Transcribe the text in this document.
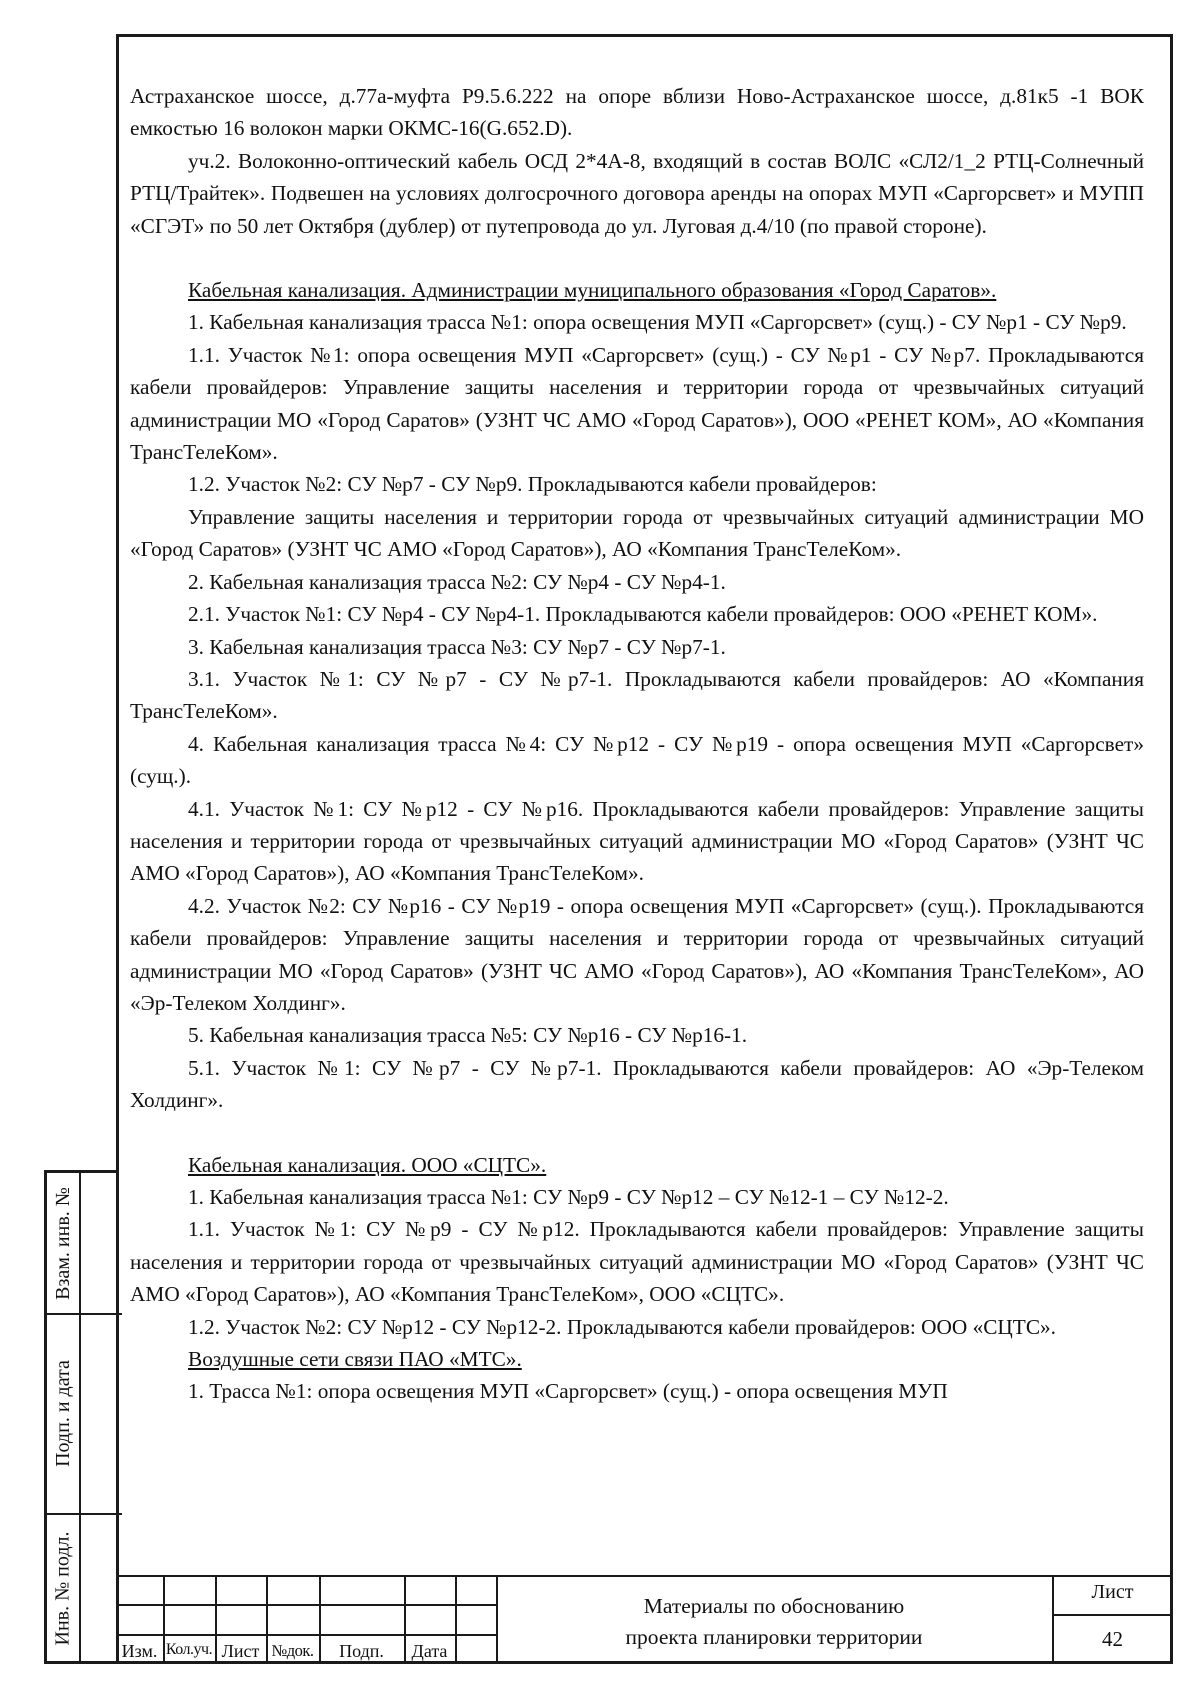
Астраханское шоссе, д.77а-муфта Р9.5.6.222 на опоре вблизи Ново-Астраханское шоссе, д.81к5 -1 ВОК емкостью 16 волокон марки ОКМС-16(G.652.D).

уч.2. Волоконно-оптический кабель ОСД 2*4А-8, входящий в состав ВОЛС «СЛ2/1_2 РТЦ-Солнечный РТЦ/Трайтек». Подвешен на условиях долгосрочного договора аренды на опорах МУП «Саргорсвет» и МУПП «СГЭТ» по 50 лет Октября (дублер) от путепровода до ул. Луговая д.4/10 (по правой стороне).

Кабельная канализация. Администрации муниципального образования «Город Саратов».

1. Кабельная канализация трасса №1: опора освещения МУП «Саргорсвет» (сущ.) - СУ №р1 - СУ №р9.

1.1. Участок №1: опора освещения МУП «Саргорсвет» (сущ.) - СУ №р1 - СУ №р7. Прокладываются кабели провайдеров: Управление защиты населения и территории города от чрезвычайных ситуаций администрации МО «Город Саратов» (УЗНТ ЧС АМО «Город Саратов»), ООО «РЕНЕТ КОМ», АО «Компания ТрансТелеКом».

1.2. Участок №2: СУ №р7 - СУ №р9. Прокладываются кабели провайдеров:

Управление защиты населения и территории города от чрезвычайных ситуаций администрации МО «Город Саратов» (УЗНТ ЧС АМО «Город Саратов»), АО «Компания ТрансТелеКом».

2. Кабельная канализация трасса №2: СУ №р4 - СУ №р4-1.

2.1. Участок №1: СУ №р4 - СУ №р4-1. Прокладываются кабели провайдеров: ООО «РЕНЕТ КОМ».

3. Кабельная канализация трасса №3: СУ №р7 - СУ №р7-1.

3.1. Участок №1: СУ №р7 - СУ №р7-1. Прокладываются кабели провайдеров: АО «Компания ТрансТелеКом».

4. Кабельная канализация трасса №4: СУ №р12 - СУ №р19 - опора освещения МУП «Саргорсвет» (сущ.).

4.1. Участок №1: СУ №р12 - СУ №р16. Прокладываются кабели провайдеров: Управление защиты населения и территории города от чрезвычайных ситуаций администрации МО «Город Саратов» (УЗНТ ЧС АМО «Город Саратов»), АО «Компания ТрансТелеКом».

4.2. Участок №2: СУ №р16 - СУ №р19 - опора освещения МУП «Саргорсвет» (сущ.). Прокладываются кабели провайдеров: Управление защиты населения и территории города от чрезвычайных ситуаций администрации МО «Город Саратов» (УЗНТ ЧС АМО «Город Саратов»), АО «Компания ТрансТелеКом», АО «Эр-Телеком Холдинг».

5. Кабельная канализация трасса №5: СУ №р16 - СУ №р16-1.

5.1. Участок №1: СУ №р7 - СУ №р7-1. Прокладываются кабели провайдеров: АО «Эр-Телеком Холдинг».

Кабельная канализация. ООО «СЦТС».

1. Кабельная канализация трасса №1: СУ №р9 - СУ №р12 – СУ №12-1 – СУ №12-2.

1.1. Участок №1: СУ №р9 - СУ №р12. Прокладываются кабели провайдеров: Управление защиты населения и территории города от чрезвычайных ситуаций администрации МО «Город Саратов» (УЗНТ ЧС АМО «Город Саратов»), АО «Компания ТрансТелеКом», ООО «СЦТС».

1.2. Участок №2: СУ №р12 - СУ №р12-2. Прокладываются кабели провайдеров: ООО «СЦТС».

Воздушные сети связи ПАО «МТС».

1. Трасса №1: опора освещения МУП «Саргорсвет» (сущ.) - опора освещения МУП

Взам. инв. №
Подп. и дата
Инв. № подл.
Изм. Кол.уч. Лист №док.	Подп.	Дата
Материалы по обоснованию
проекта планировки территории
Лист
42
